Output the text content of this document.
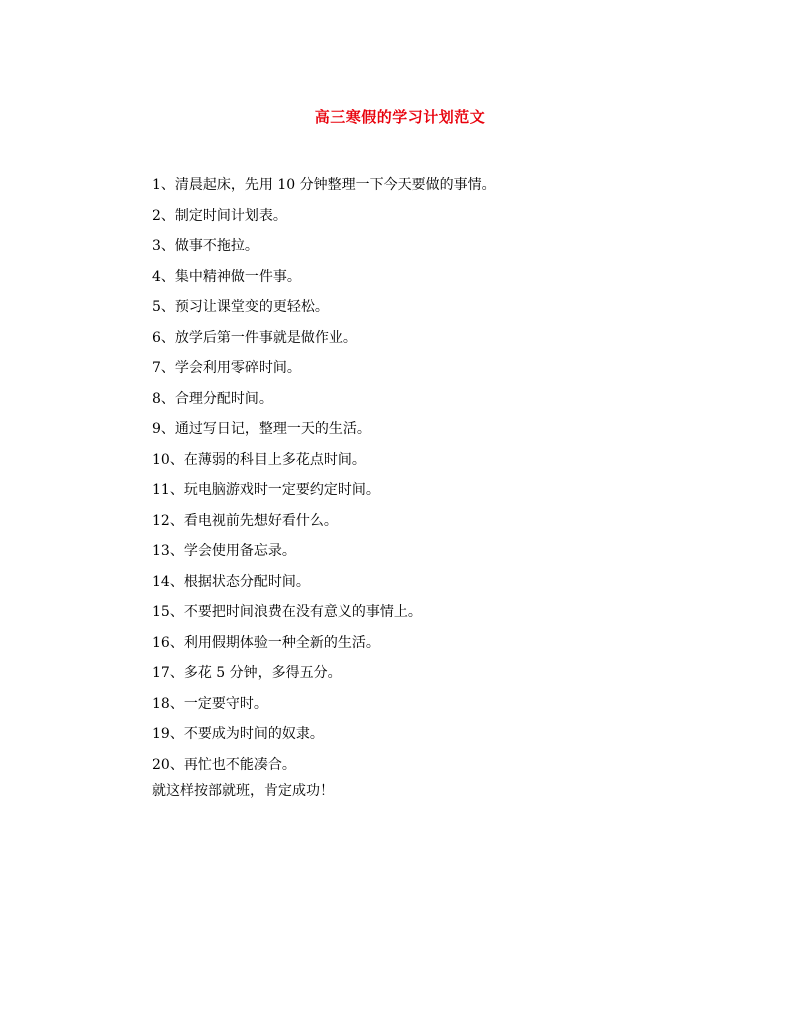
高三寒假的学习计划范文
1、清晨起床，先用 10 分钟整理一下今天要做的事情。
2、制定时间计划表。
3、做事不拖拉。
4、集中精神做一件事。
5、预习让课堂变的更轻松。
6、放学后第一件事就是做作业。
7、学会利用零碎时间。
8、合理分配时间。
9、通过写日记，整理一天的生活。
10、在薄弱的科目上多花点时间。
11、玩电脑游戏时一定要约定时间。
12、看电视前先想好看什么。
13、学会使用备忘录。
14、根据状态分配时间。
15、不要把时间浪费在没有意义的事情上。
16、利用假期体验一种全新的生活。
17、多花 5 分钟，多得五分。
18、一定要守时。
19、不要成为时间的奴隶。
20、再忙也不能凑合。
就这样按部就班，肯定成功！
